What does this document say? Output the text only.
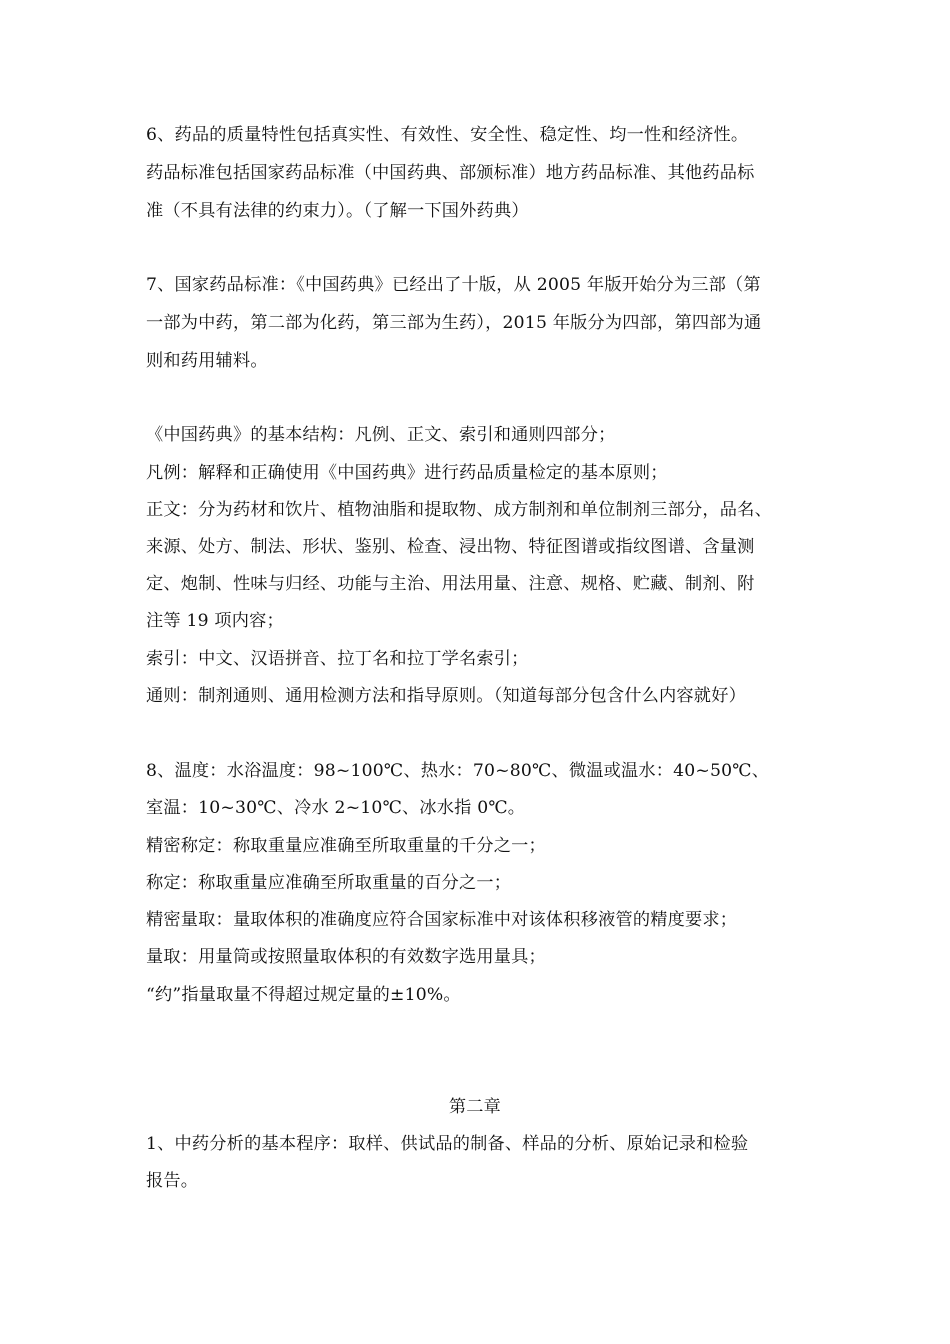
6、药品的质量特性包括真实性、有效性、安全性、稳定性、均一性和经济性。
药品标准包括国家药品标准（中国药典、部颁标准）地方药品标准、其他药品标
准（不具有法律的约束力）。（了解一下国外药典）
7、国家药品标准：《中国药典》已经出了十版，从 2005 年版开始分为三部（第
一部为中药，第二部为化药，第三部为生药），2015 年版分为四部，第四部为通
则和药用辅料。
《中国药典》的基本结构：凡例、正文、索引和通则四部分；
凡例：解释和正确使用《中国药典》进行药品质量检定的基本原则；
正文：分为药材和饮片、植物油脂和提取物、成方制剂和单位制剂三部分，品名、
来源、处方、制法、形状、鉴别、检查、浸出物、特征图谱或指纹图谱、含量测
定、炮制、性味与归经、功能与主治、用法用量、注意、规格、贮藏、制剂、附
注等 19 项内容；
索引：中文、汉语拼音、拉丁名和拉丁学名索引；
通则：制剂通则、通用检测方法和指导原则。（知道每部分包含什么内容就好）
8、温度：水浴温度：98~100℃、热水：70~80℃、微温或温水：40~50℃、
室温：10~30℃、冷水 2~10℃、冰水指 0℃。
精密称定：称取重量应准确至所取重量的千分之一；
称定：称取重量应准确至所取重量的百分之一；
精密量取：量取体积的准确度应符合国家标准中对该体积移液管的精度要求；
量取：用量筒或按照量取体积的有效数字选用量具；
“约”指量取量不得超过规定量的±10%。
第二章
1、中药分析的基本程序：取样、供试品的制备、样品的分析、原始记录和检验
报告。
